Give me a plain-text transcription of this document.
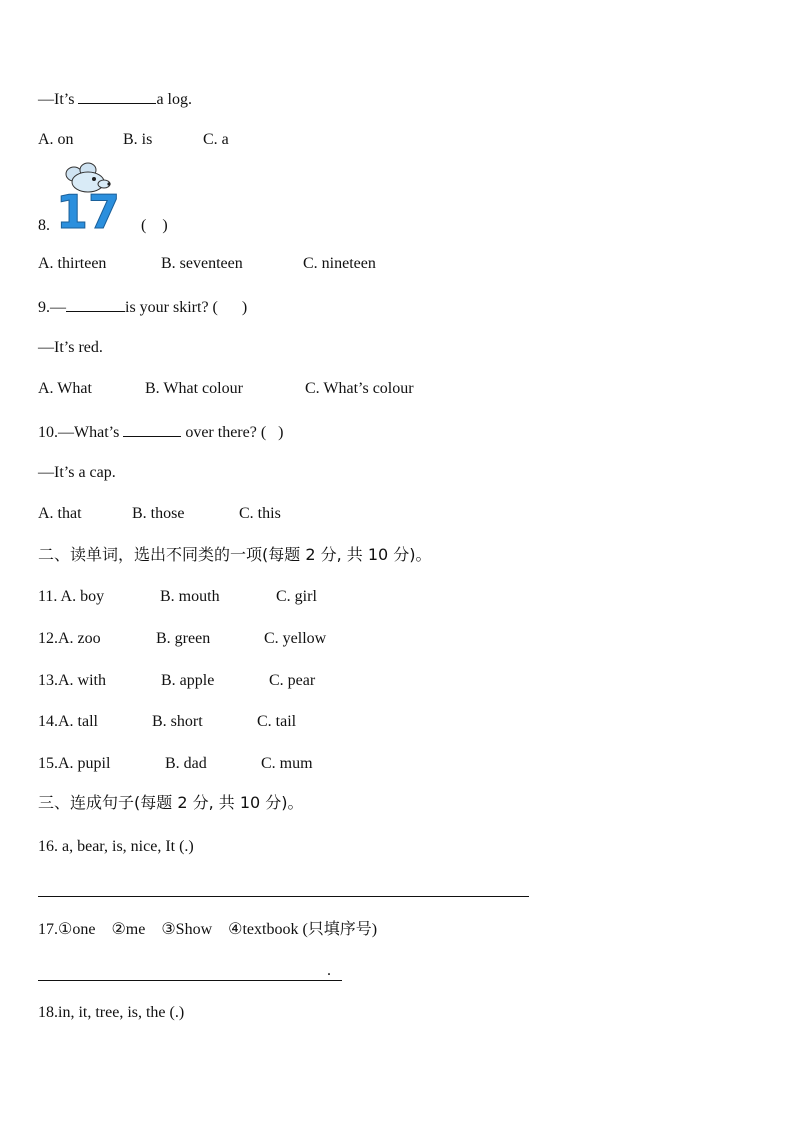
—It’s	a log.
A. on	B. is	C. a
17
8.	(    )
A. thirteen	B. seventeen	C. nineteen
9.—	is your skirt? (      )
—It’s red.
A. What	B. What colour	C. What’s colour
10.—What’s	over there? (   )
—It’s a cap.
A. that	B. those	C. this
二、读单词，选出不同类的一项(每题 2 分, 共 10 分)。
11. A. boy	B. mouth	C. girl
12.A. zoo	B. green	C. yellow
13.A. with	B. apple	C. pear
14.A. tall	B. short	C. tail
15.A. pupil	B. dad	C. mum
三、连成句子(每题 2 分, 共 10 分)。
16. a, bear, is, nice, It (.)
17.①one    ②me    ③Show    ④textbook (只填序号)
.
18.in, it, tree, is, the (.)
